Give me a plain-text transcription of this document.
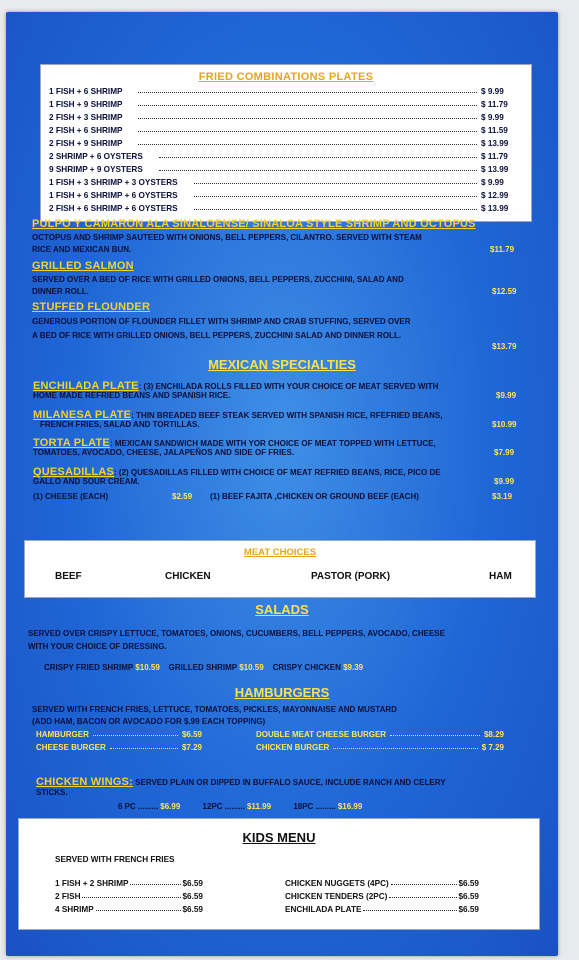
FRIED COMBINATIONS PLATES
1 FISH + 6 SHRIMP	$ 9.99
1 FISH + 9 SHRIMP	$ 11.79
2 FISH + 3 SHRIMP	$ 9.99
2 FISH + 6 SHRIMP	$ 11.59
2 FISH + 9 SHRIMP	$ 13.99
2 SHRIMP + 6 OYSTERS	$ 11.79
9 SHRIMP + 9 OYSTERS	$ 13.99
1 FISH + 3 SHRIMP + 3 OYSTERS	$ 9.99
1 FISH + 6 SHRIMP + 6 OYSTERS	$ 12.99
2 FISH + 6 SHRIMP + 6 OYSTERS	$ 13.99
PULPO Y CAMARON ALA SINALOENSE/ SINALOA STYLE SHRIMP AND OCTOPUS
OCTOPUS AND SHRIMP SAUTEED WITH ONIONS, BELL PEPPERS, CILANTRO. SERVED WITH STEAM
RICE AND MEXICAN BUN.	$11.79
GRILLED SALMON
SERVED OVER A BED OF RICE WITH GRILLED ONIONS, BELL PEPPERS, ZUCCHINI, SALAD AND
DINNER ROLL.	$12.59
STUFFED FLOUNDER
GENEROUS PORTION OF FLOUNDER FILLET WITH SHRIMP AND CRAB STUFFING, SERVED OVER
A BED OF RICE WITH GRILLED ONIONS, BELL PEPPERS, ZUCCHINI SALAD AND DINNER ROLL.
$13.79
MEXICAN SPECIALTIES
ENCHILADA PLATE: (3) ENCHILADA ROLLS FILLED WITH YOUR CHOICE OF MEAT SERVED WITH
HOME MADE REFRIED BEANS AND SPANISH RICE.	$9.99
MILANESA PLATE: THIN BREADED BEEF STEAK SERVED WITH SPANISH RICE, RFEFRIED BEANS,
FRENCH FRIES, SALAD AND TORTILLAS.	$10.99
TORTA PLATE: MEXICAN SANDWICH MADE WITH YOR CHOICE OF MEAT TOPPED WITH LETTUCE,
TOMATOES, AVOCADO, CHEESE, JALAPEÑOS AND SIDE OF FRIES.	$7.99
QUESADILLAS: (2) QUESADILLAS FILLED WITH CHOICE OF MEAT REFRIED BEANS, RICE, PICO DE
GALLO AND SOUR CREAM.	$9.99
(1) CHEESE (EACH)	$2.59 (1) BEEF FAJITA ,CHICKEN OR GROUND BEEF (EACH)	$3.19
MEAT CHOICES
BEEF	CHICKEN	PASTOR (PORK)	HAM
SALADS
SERVED OVER CRISPY LETTUCE, TOMATOES, ONIONS, CUCUMBERS, BELL PEPPERS, AVOCADO, CHEESE
WITH YOUR CHOICE OF DRESSING.
CRISPY FRIED SHRIMP $10.59 GRILLED SHRIMP $10.59 CRISPY CHICKEN $9.39
HAMBURGERS
SERVED WITH FRENCH FRIES, LETTUCE, TOMATOES, PICKLES, MAYONNAISE AND MUSTARD
(ADD HAM, BACON OR AVOCADO FOR $.99 EACH TOPPING)
HAMBURGER	$6.59
CHEESE BURGER	$7.29
DOUBLE MEAT CHEESE BURGER	$8.29
CHICKEN BURGER	$ 7.29
CHICKEN WINGS: SERVED PLAIN OR DIPPED IN BUFFALO SAUCE, INCLUDE RANCH AND CELERY
STICKS.
6 PC ......... $6.99	12PC ......... $11.99	18PC ......... $16.99
KIDS MENU
SERVED WITH FRENCH FRIES
1 FISH + 2 SHRIMP	$6.59
2 FISH	$6.59
4 SHRIMP	$6.59
CHICKEN NUGGETS (4PC)	$6.59
CHICKEN TENDERS (2PC)	$6.59
ENCHILADA PLATE	$6.59
